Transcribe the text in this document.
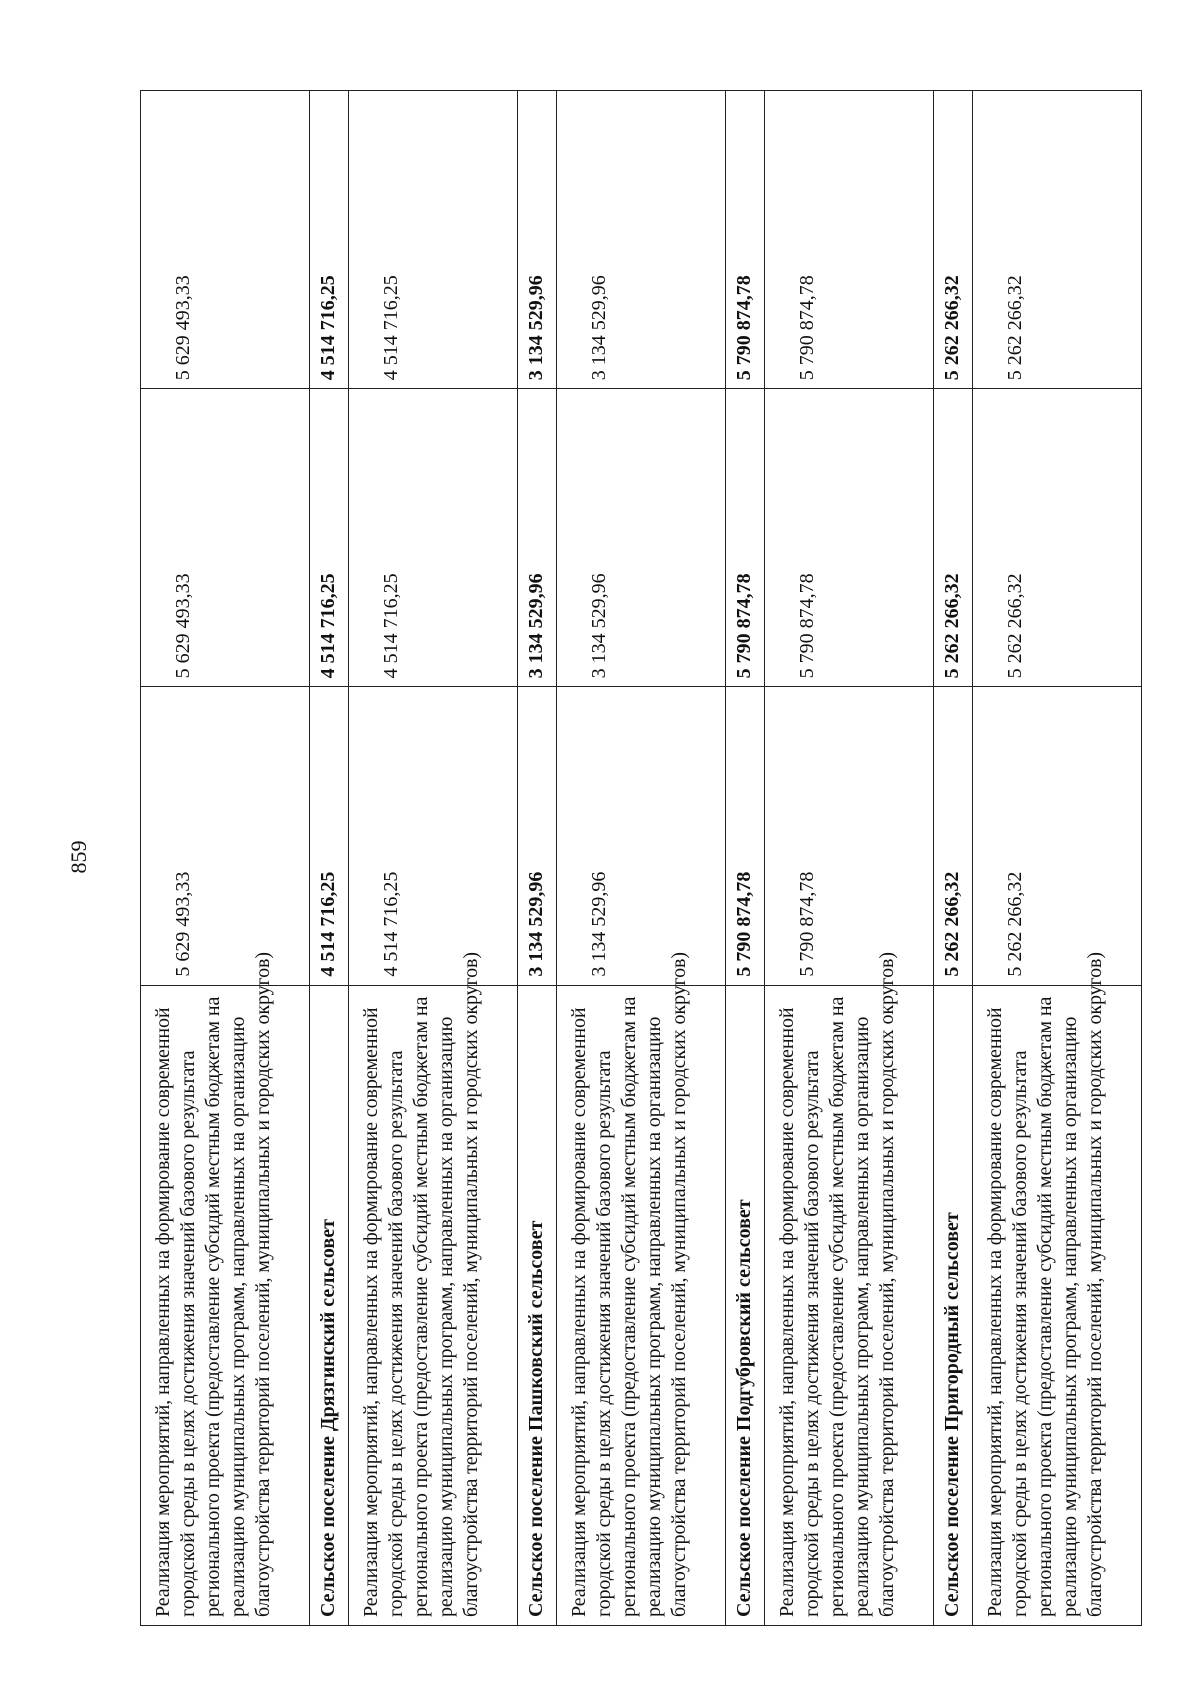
859
Реализация мероприятий, направленных на формирование современной городской среды в целях достижения значений базового результата регионального проекта (предоставление субсидий местным бюджетам на реализацию муниципальных программ, направленных на организацию благоустройства территорий поселений, муниципальных и городских округов)	5 629 493,33	5 629 493,33	5 629 493,33

Сельское поселение Дрязгинский сельсовет	4 514 716,25	4 514 716,25	4 514 716,25

Реализация мероприятий, направленных на формирование современной городской среды в целях достижения значений базового результата регионального проекта (предоставление субсидий местным бюджетам на реализацию муниципальных программ, направленных на организацию благоустройства территорий поселений, муниципальных и городских округов)	4 514 716,25	4 514 716,25	4 514 716,25

Сельское поселение Пашковский сельсовет	3 134 529,96	3 134 529,96	3 134 529,96

Реализация мероприятий, направленных на формирование современной городской среды в целях достижения значений базового результата регионального проекта (предоставление субсидий местным бюджетам на реализацию муниципальных программ, направленных на организацию благоустройства территорий поселений, муниципальных и городских округов)	3 134 529,96	3 134 529,96	3 134 529,96

Сельское поселение Подгубровский сельсовет	5 790 874,78	5 790 874,78	5 790 874,78

Реализация мероприятий, направленных на формирование современной городской среды в целях достижения значений базового результата регионального проекта (предоставление субсидий местным бюджетам на реализацию муниципальных программ, направленных на организацию благоустройства территорий поселений, муниципальных и городских округов)	5 790 874,78	5 790 874,78	5 790 874,78

Сельское поселение Пригородный сельсовет	5 262 266,32	5 262 266,32	5 262 266,32

Реализация мероприятий, направленных на формирование современной городской среды в целях достижения значений базового результата регионального проекта (предоставление субсидий местным бюджетам на реализацию муниципальных программ, направленных на организацию благоустройства территорий поселений, муниципальных и городских округов)	5 262 266,32	5 262 266,32	5 262 266,32
